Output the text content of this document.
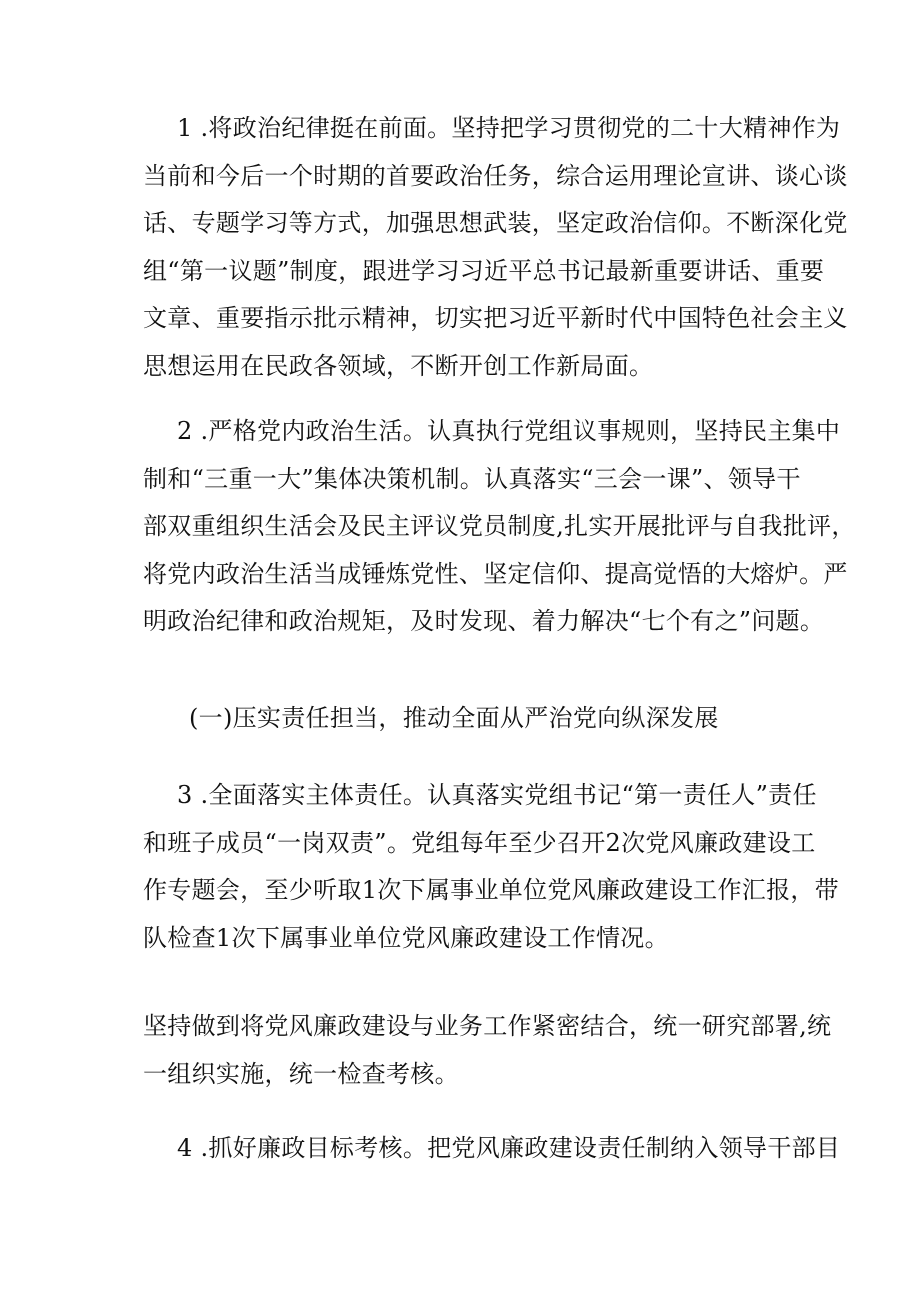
1 .将政治纪律挺在前面。坚持把学习贯彻党的二十大精神作为
当前和今后一个时期的首要政治任务，综合运用理论宣讲、谈心谈
话、专题学习等方式，加强思想武装，坚定政治信仰。不断深化党
组“第一议题”制度，跟进学习习近平总书记最新重要讲话、重要
文章、重要指示批示精神，切实把习近平新时代中国特色社会主义
思想运用在民政各领域，不断开创工作新局面。
2 .严格党内政治生活。认真执行党组议事规则，坚持民主集中
制和“三重一大”集体决策机制。认真落实“三会一课”、领导干
部双重组织生活会及民主评议党员制度,扎实开展批评与自我批评，
将党内政治生活当成锤炼党性、坚定信仰、提高觉悟的大熔炉。严
明政治纪律和政治规矩，及时发现、着力解决“七个有之”问题。
(一)压实责任担当，推动全面从严治党向纵深发展
3 .全面落实主体责任。认真落实党组书记“第一责任人”责任
和班子成员“一岗双责”。党组每年至少召开2次党风廉政建设工
作专题会，至少听取1次下属事业单位党风廉政建设工作汇报，带
队检查1次下属事业单位党风廉政建设工作情况。
坚持做到将党风廉政建设与业务工作紧密结合，统一研究部署,统
一组织实施，统一检查考核。
4 .抓好廉政目标考核。把党风廉政建设责任制纳入领导干部目
